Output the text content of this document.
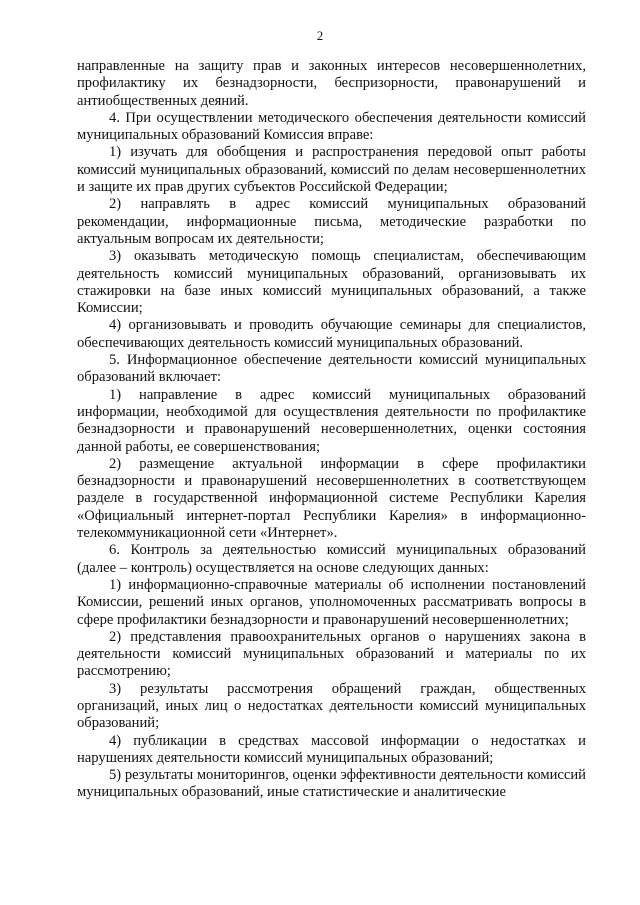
2

направленные на защиту прав и законных интересов несовершеннолетних, профилактику их безнадзорности, беспризорности, правонарушений и антиобщественных деяний.

4. При осуществлении методического обеспечения деятельности комиссий муниципальных образований Комиссия вправе:

1) изучать для обобщения и распространения передовой опыт работы комиссий муниципальных образований, комиссий по делам несовершеннолетних и защите их прав других субъектов Российской Федерации;

2) направлять в адрес комиссий муниципальных образований рекомендации, информационные письма, методические разработки по актуальным вопросам их деятельности;

3) оказывать методическую помощь специалистам, обеспечивающим деятельность комиссий муниципальных образований, организовывать их стажировки на базе иных комиссий муниципальных образований, а также Комиссии;

4) организовывать и проводить обучающие семинары для специалистов, обеспечивающих деятельность комиссий муниципальных образований.

5. Информационное обеспечение деятельности комиссий муниципальных образований включает:

1) направление в адрес комиссий муниципальных образований информации, необходимой для осуществления деятельности по профилактике безнадзорности и правонарушений несовершеннолетних, оценки состояния данной работы, ее совершенствования;

2) размещение актуальной информации в сфере профилактики безнадзорности и правонарушений несовершеннолетних в соответствующем разделе в государственной информационной системе Республики Карелия «Официальный интернет-портал Республики Карелия» в информационно-телекоммуникационной сети «Интернет».

6. Контроль за деятельностью комиссий муниципальных образований (далее – контроль) осуществляется на основе следующих данных:

1) информационно-справочные материалы об исполнении постановлений Комиссии, решений иных органов, уполномоченных рассматривать вопросы в сфере профилактики безнадзорности и правонарушений несовершеннолетних;

2) представления правоохранительных органов о нарушениях закона в деятельности комиссий муниципальных образований и материалы по их рассмотрению;

3) результаты рассмотрения обращений граждан, общественных организаций, иных лиц о недостатках деятельности комиссий муниципальных образований;

4) публикации в средствах массовой информации о недостатках и нарушениях деятельности комиссий муниципальных образований;

5) результаты мониторингов, оценки эффективности деятельности комиссий муниципальных образований, иные статистические и аналитические
